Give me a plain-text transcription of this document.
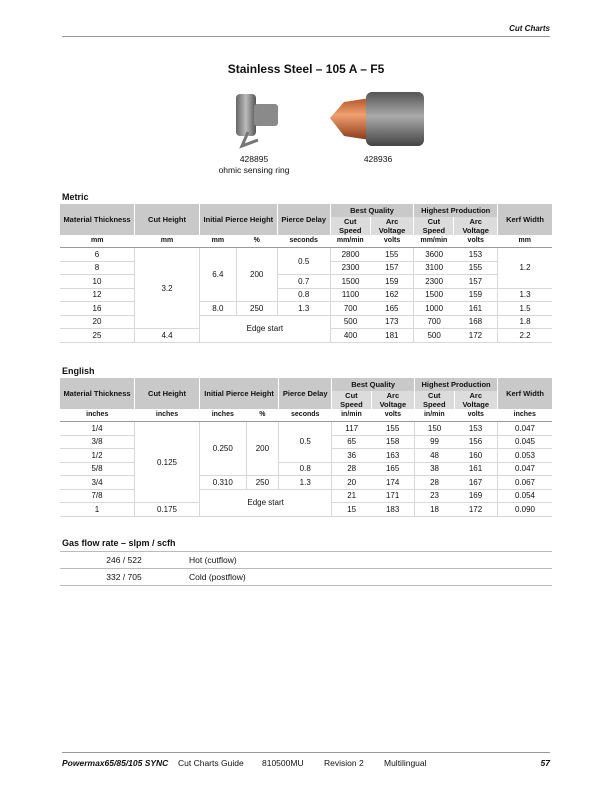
Cut Charts
Stainless Steel – 105 A – F5
428895
ohmic sensing ring
428936
Metric
Material Thickness	Cut Height	Initial Pierce Height		Pierce Delay	Best Quality		Highest Production		Kerf Width
					Cut Speed	Arc Voltage	Cut Speed	Arc Voltage	
mm	mm	mm	%	seconds	mm/min	volts	mm/min	volts	mm
6	3.2	6.4	200	0.5	2800	155	3600	153	1.2
8					2300	157	3100	155	
10				0.7	1500	159	2300	157	
12				0.8	1100	162	1500	159	1.3
16		8.0	250	1.3	700	165	1000	161	1.5
20		Edge start			500	173	700	168	1.8
25	4.4				400	181	500	172	2.2
English
Material Thickness	Cut Height	Initial Pierce Height		Pierce Delay	Best Quality		Highest Production		Kerf Width
					Cut Speed	Arc Voltage	Cut Speed	Arc Voltage	
inches	inches	inches	%	seconds	in/min	volts	in/min	volts	inches
1/4	0.125	0.250	200	0.5	117	155	150	153	0.047
3/8					65	158	99	156	0.045
1/2					36	163	48	160	0.053
5/8				0.8	28	165	38	161	0.047
3/4		0.310	250	1.3	20	174	28	167	0.067
7/8		Edge start			21	171	23	169	0.054
1	0.175				15	183	18	172	0.090
Gas flow rate – slpm / scfh
246 / 522	Hot (cutflow)
332 / 705	Cold (postflow)
Powermax65/85/105 SYNC Cut Charts Guide 810500MU Revision 2 Multilingual	57
